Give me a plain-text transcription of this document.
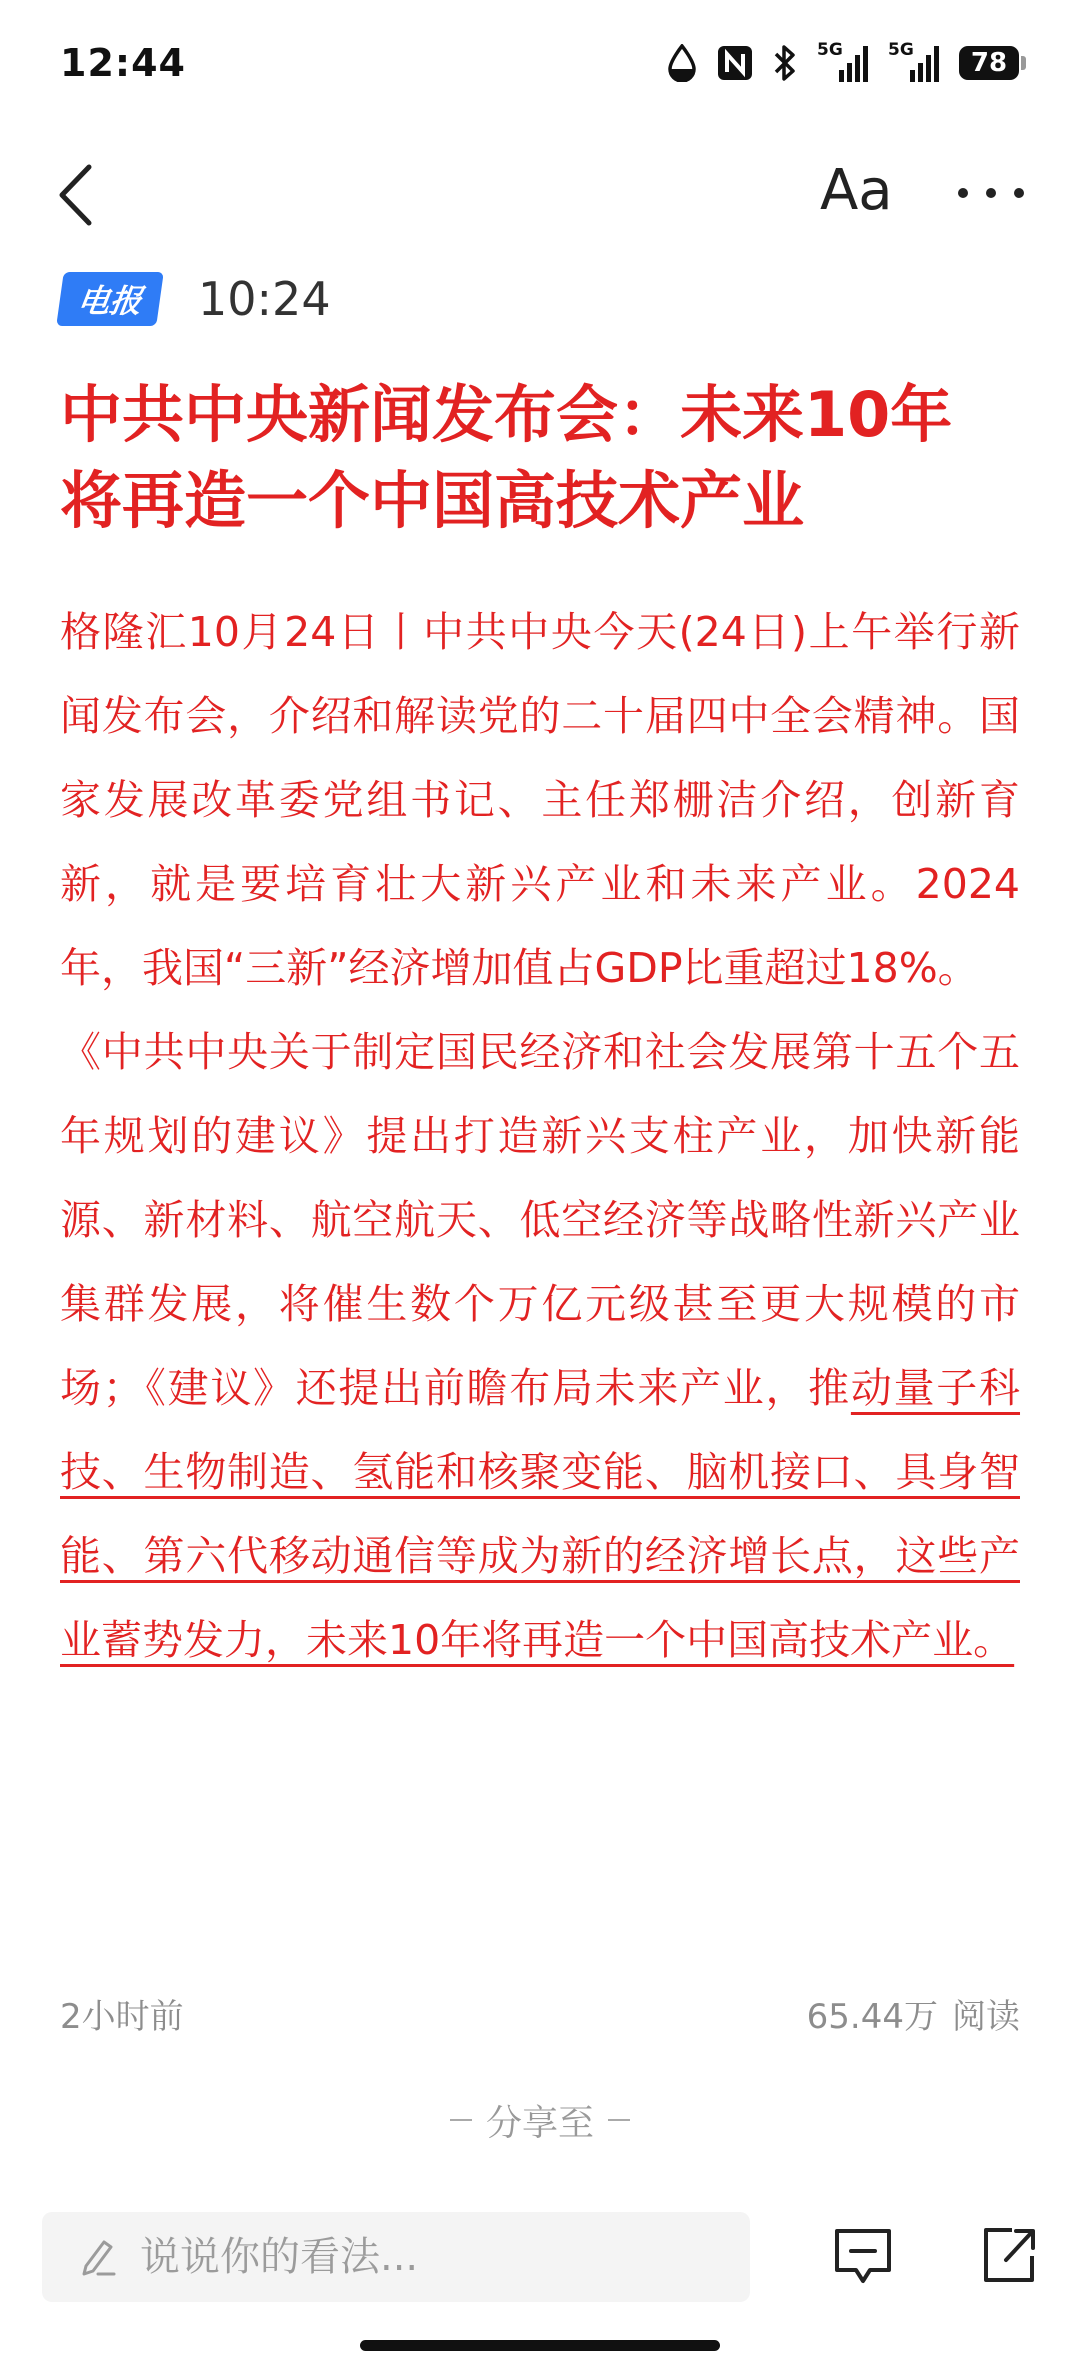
12:44	5G	5G	78
Aa
电报	10:24
中共中央新闻发布会：未来10年
将再造一个中国高技术产业

格隆汇10月24日丨中共中央今天(24日)上午举行新闻发布会，介绍和解读党的二十届四中全会精神。国家发展改革委党组书记、主任郑栅洁介绍，创新育新，就是要培育壮大新兴产业和未来产业。2024年，我国“三新”经济增加值占GDP比重超过18%。

《中共中央关于制定国民经济和社会发展第十五个五年规划的建议》提出打造新兴支柱产业，加快新能源、新材料、航空航天、低空经济等战略性新兴产业集群发展，将催生数个万亿元级甚至更大规模的市场；《建议》还提出前瞻布局未来产业，推动量子科技、生物制造、氢能和核聚变能、脑机接口、具身智能、第六代移动通信等成为新的经济增长点，这些产业蓄势发力，未来10年将再造一个中国高技术产业。

2小时前	65.44万 阅读
分享至
说说你的看法...
